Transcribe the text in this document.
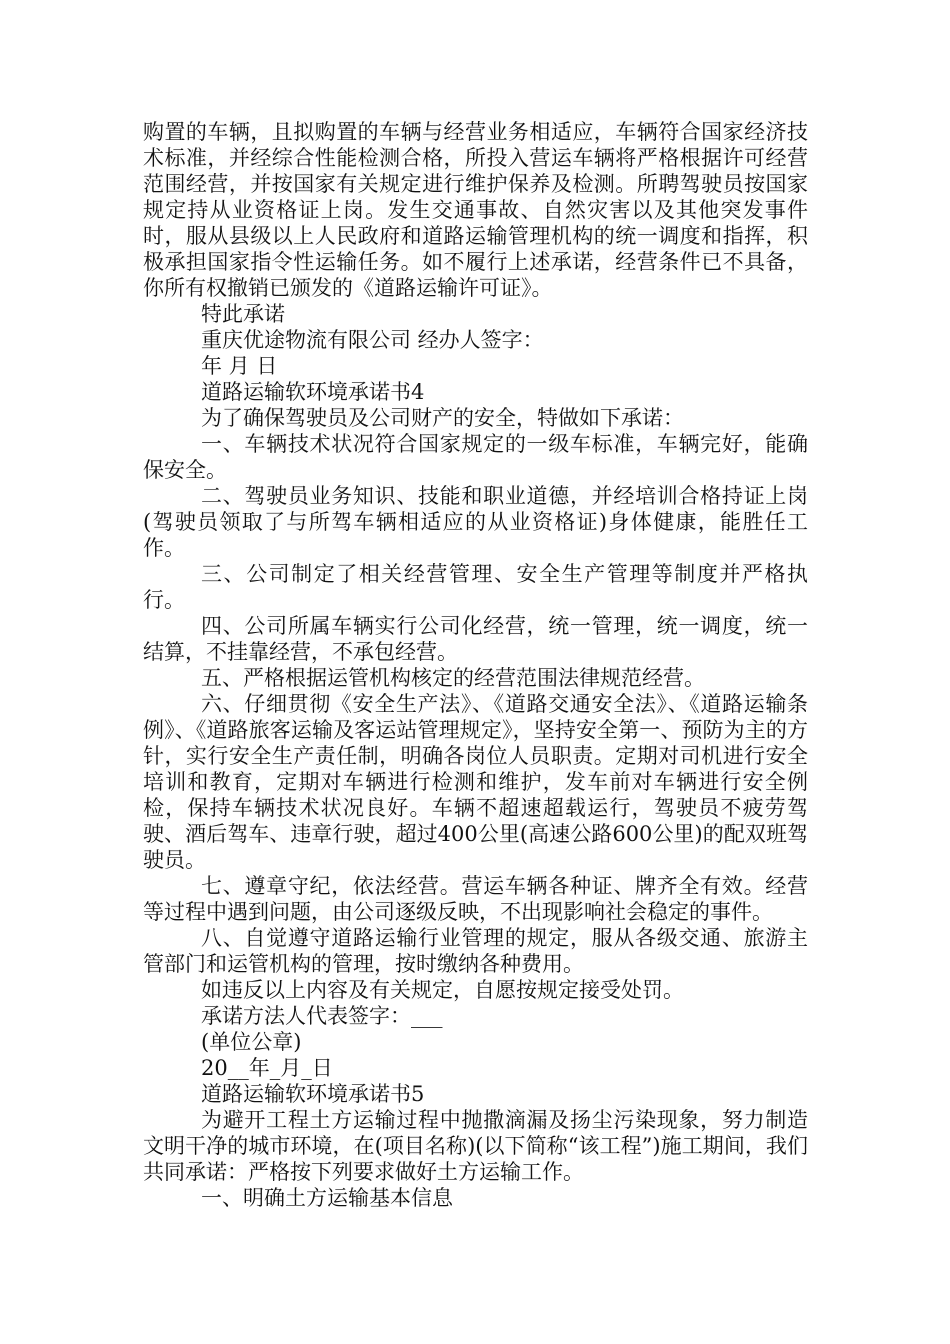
购置的车辆，且拟购置的车辆与经营业务相适应，车辆符合国家经济技术标准，并经综合性能检测合格，所投入营运车辆将严格根据许可经营范围经营，并按国家有关规定进行维护保养及检测。所聘驾驶员按国家规定持从业资格证上岗。发生交通事故、自然灾害以及其他突发事件时，服从县级以上人民政府和道路运输管理机构的统一调度和指挥，积极承担国家指令性运输任务。如不履行上述承诺，经营条件已不具备，你所有权撤销已颁发的《道路运输许可证》。

特此承诺

重庆优途物流有限公司 经办人签字：

年 月 日

道路运输软环境承诺书4

为了确保驾驶员及公司财产的安全，特做如下承诺：

一、车辆技术状况符合国家规定的一级车标准，车辆完好，能确保安全。

二、驾驶员业务知识、技能和职业道德，并经培训合格持证上岗(驾驶员领取了与所驾车辆相适应的从业资格证)身体健康，能胜任工作。

三、公司制定了相关经营管理、安全生产管理等制度并严格执行。

四、公司所属车辆实行公司化经营，统一管理，统一调度，统一结算，不挂靠经营，不承包经营。

五、严格根据运管机构核定的经营范围法律规范经营。

六、仔细贯彻《安全生产法》、《道路交通安全法》、《道路运输条例》、《道路旅客运输及客运站管理规定》，坚持安全第一、预防为主的方针，实行安全生产责任制，明确各岗位人员职责。定期对司机进行安全培训和教育，定期对车辆进行检测和维护，发车前对车辆进行安全例检，保持车辆技术状况良好。车辆不超速超载运行，驾驶员不疲劳驾驶、酒后驾车、违章行驶，超过400公里(高速公路600公里)的配双班驾驶员。

七、遵章守纪，依法经营。营运车辆各种证、牌齐全有效。经营等过程中遇到问题，由公司逐级反映，不出现影响社会稳定的事件。

八、自觉遵守道路运输行业管理的规定，服从各级交通、旅游主管部门和运管机构的管理，按时缴纳各种费用。

如违反以上内容及有关规定，自愿按规定接受处罚。

承诺方法人代表签字：___

(单位公章)

20__年_月_日

道路运输软环境承诺书5

为避开工程土方运输过程中抛撒滴漏及扬尘污染现象，努力制造文明干净的城市环境，在(项目名称)(以下简称“该工程”)施工期间，我们共同承诺：严格按下列要求做好土方运输工作。

一、明确土方运输基本信息
